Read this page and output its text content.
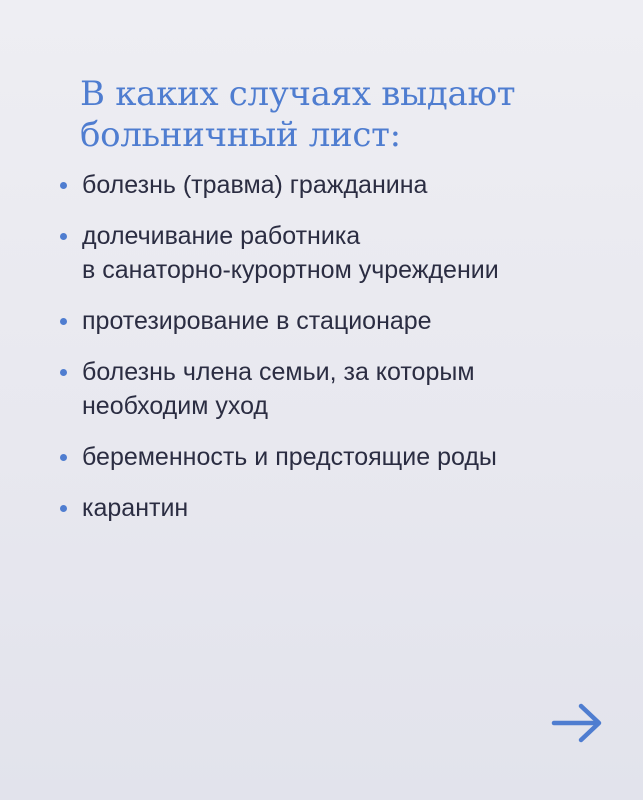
В каких случаях выдают
больничный лист:
болезнь (травма) гражданина
долечивание работника
в санаторно-курортном учреждении
протезирование в стационаре
болезнь члена семьи, за которым
необходим уход
беременность и предстоящие роды
карантин
